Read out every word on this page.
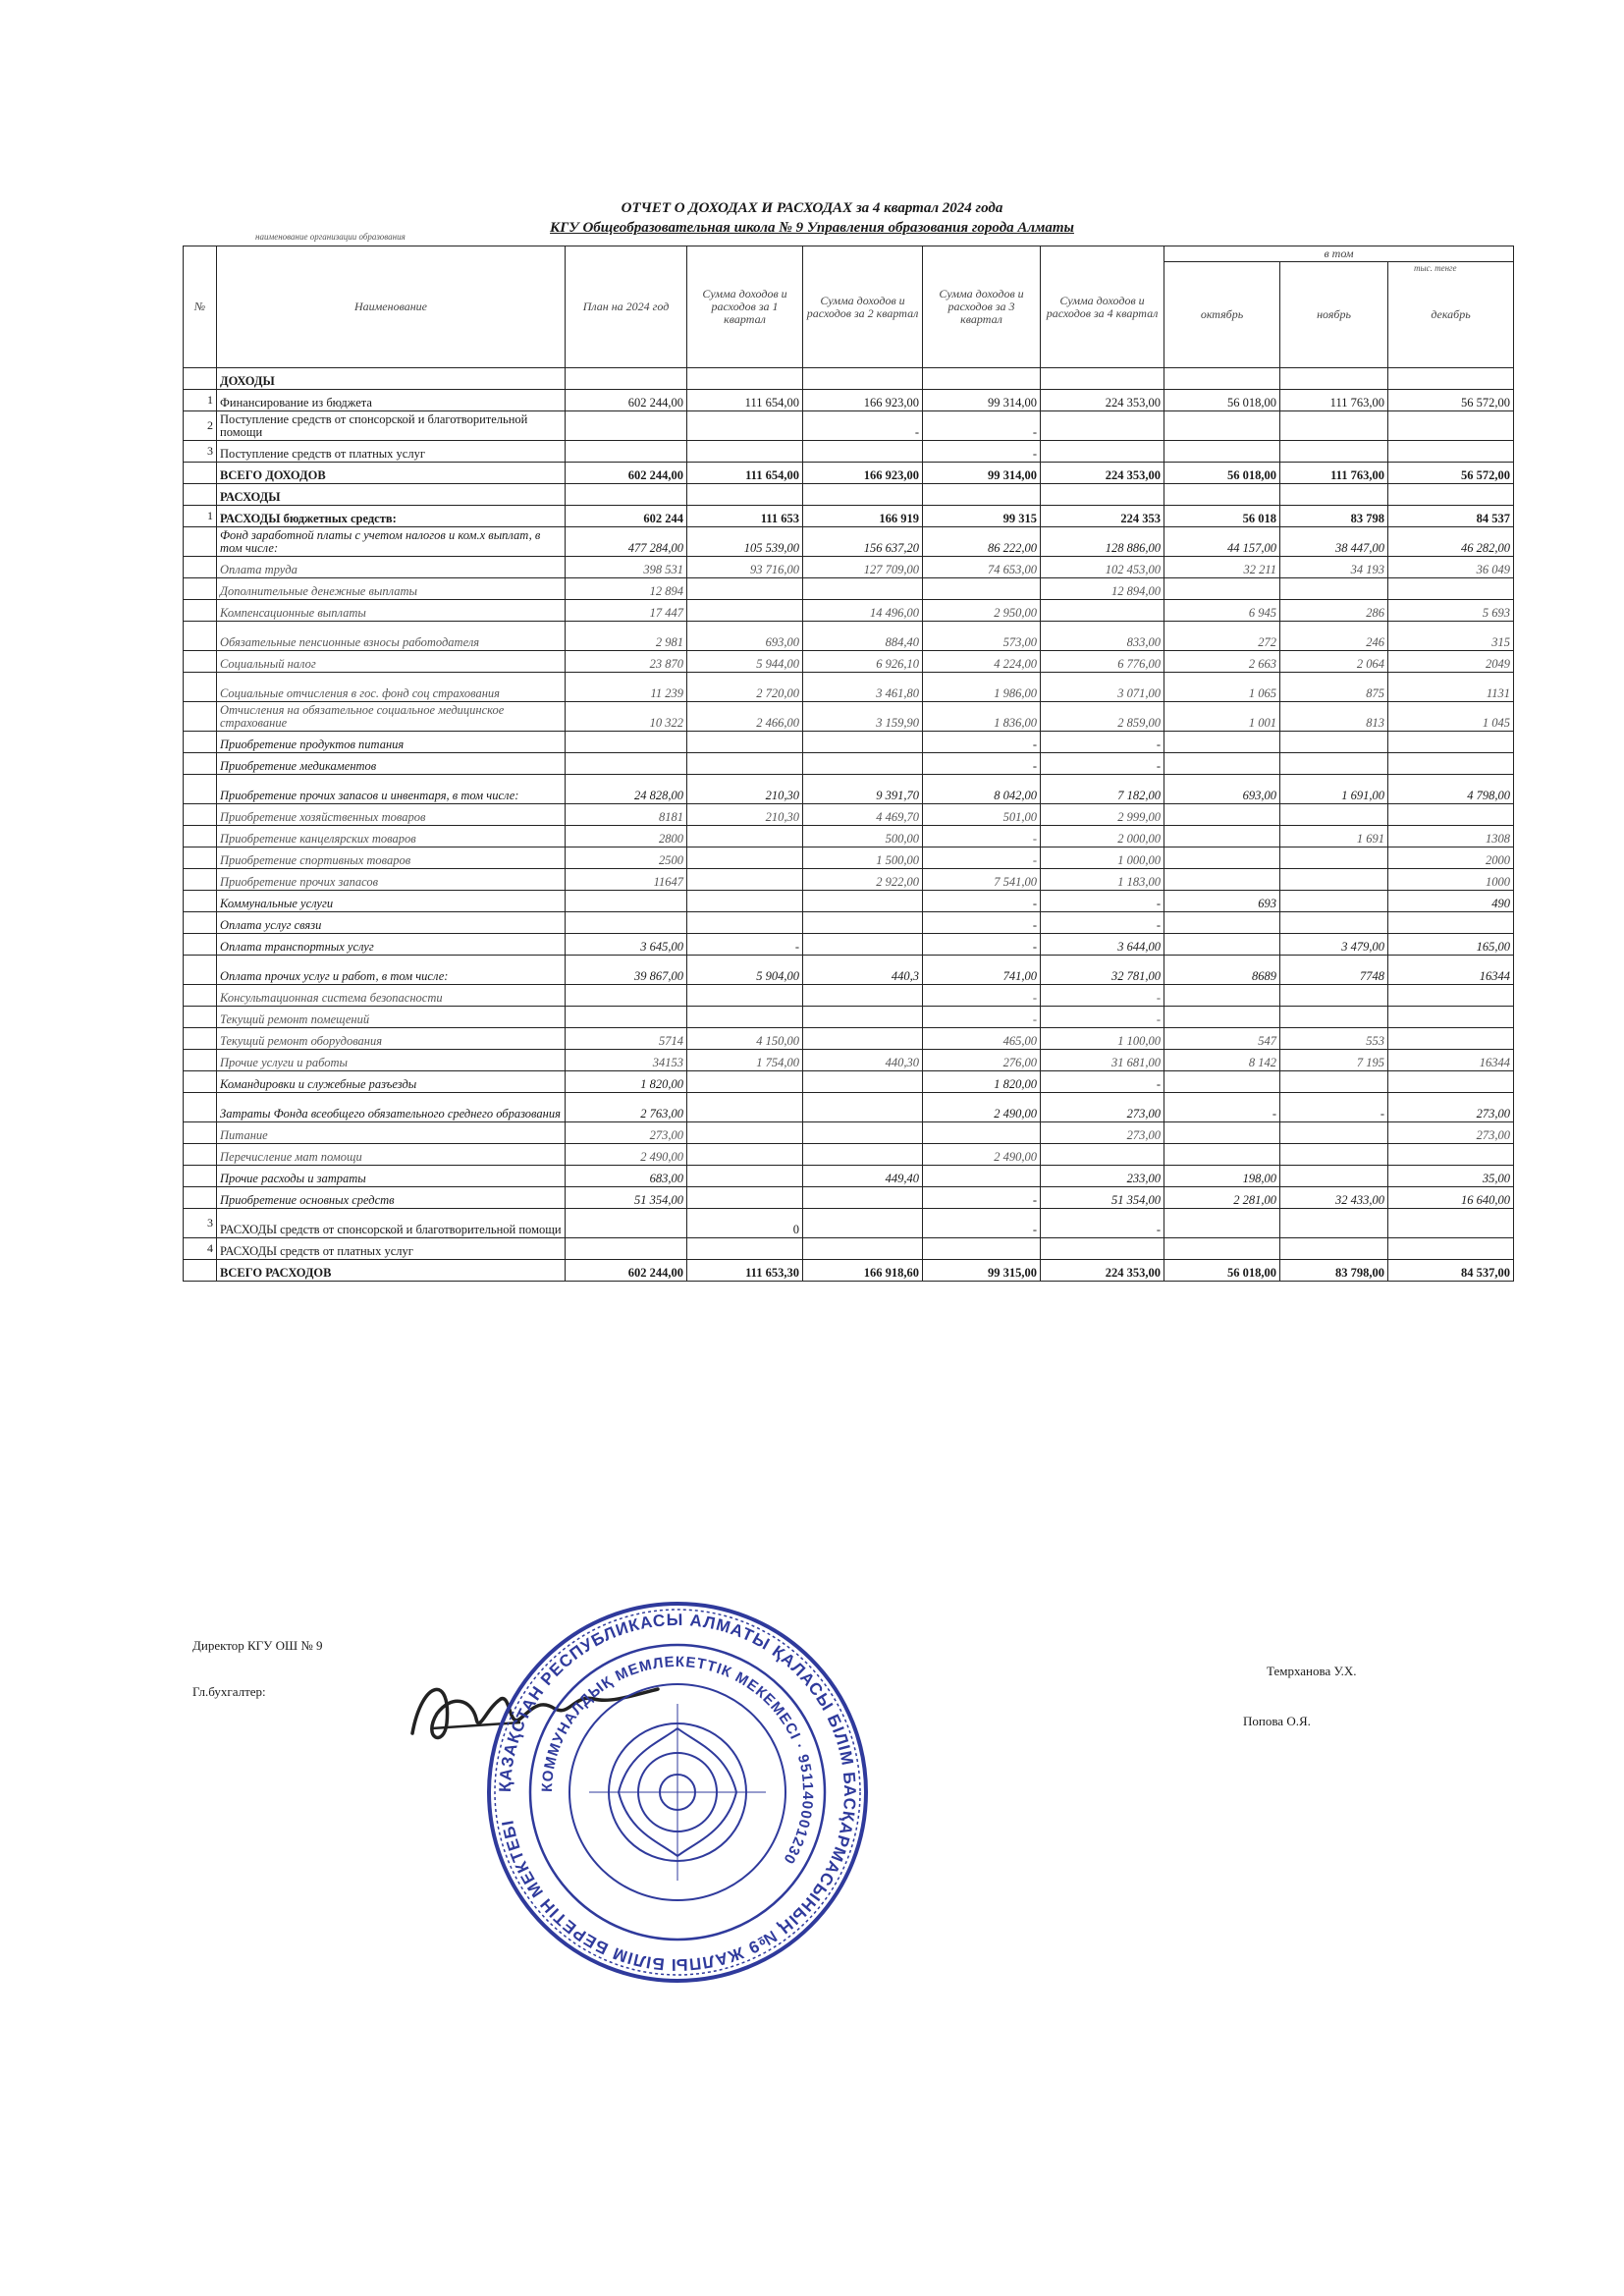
ОТЧЕТ О ДОХОДАХ И РАСХОДАХ за 4 квартал 2024 года
КГУ Общеобразовательная школа № 9 Управления образования города Алматы
наименование организации образования
тыс. тенге
№	Наименование	План на 2024 год	Сумма доходов и расходов за 1 квартал	Сумма доходов и расходов за 2 квартал	Сумма доходов и расходов за 3 квартал	Сумма доходов и расходов за 4 квартал	в том		
							октябрь	ноябрь	декабрь
	ДОХОДЫ								
1	Финансирование из бюджета	602 244,00	111 654,00	166 923,00	99 314,00	224 353,00	56 018,00	111 763,00	56 572,00
2	Поступление средств от спонсорской и благотворительной помощи			-	-				
3	Поступление средств от платных услуг				-				
	ВСЕГО ДОХОДОВ	602 244,00	111 654,00	166 923,00	99 314,00	224 353,00	56 018,00	111 763,00	56 572,00
	РАСХОДЫ								
1	РАСХОДЫ бюджетных средств:	602 244	111 653	166 919	99 315	224 353	56 018	83 798	84 537
	Фонд заработной платы с учетом налогов и ком.х выплат, в том числе:	477 284,00	105 539,00	156 637,20	86 222,00	128 886,00	44 157,00	38 447,00	46 282,00
	Оплата труда	398 531	93 716,00	127 709,00	74 653,00	102 453,00	32 211	34 193	36 049
	Дополнительные денежные выплаты	12 894				12 894,00			
	Компенсационные выплаты	17 447		14 496,00	2 950,00		6 945	286	5 693
	Обязательные пенсионные взносы работодателя	2 981	693,00	884,40	573,00	833,00	272	246	315
	Социальный налог	23 870	5 944,00	6 926,10	4 224,00	6 776,00	2 663	2 064	2049
	Социальные отчисления в гос. фонд соц страхования	11 239	2 720,00	3 461,80	1 986,00	3 071,00	1 065	875	1131
	Отчисления на обязательное социальное медицинское страхование	10 322	2 466,00	3 159,90	1 836,00	2 859,00	1 001	813	1 045
	Приобретение продуктов питания				-	-			
	Приобретение медикаментов				-	-			
	Приобретение прочих запасов и инвентаря, в том числе:	24 828,00	210,30	9 391,70	8 042,00	7 182,00	693,00	1 691,00	4 798,00
	Приобретение хозяйственных товаров	8181	210,30	4 469,70	501,00	2 999,00			
	Приобретение канцелярских товаров	2800		500,00	-	2 000,00		1 691	1308
	Приобретение спортивных товаров	2500		1 500,00	-	1 000,00			2000
	Приобретение прочих запасов	11647		2 922,00	7 541,00	1 183,00			1000
	Коммунальные услуги				-	-	693		490
	Оплата услуг связи				-	-			
	Оплата транспортных услуг	3 645,00	-		-	3 644,00		3 479,00	165,00
	Оплата прочих услуг и работ, в том числе:	39 867,00	5 904,00	440,3	741,00	32 781,00	8689	7748	16344
	Консультационная система безопасности				-	-			
	Текущий ремонт помещений				-	-			
	Текущий ремонт оборудования	5714	4 150,00		465,00	1 100,00	547	553	
	Прочие услуги и работы	34153	1 754,00	440,30	276,00	31 681,00	8 142	7 195	16344
	Командировки и служебные разъезды	1 820,00			1 820,00	-			
	Затраты Фонда всеобщего обязательного среднего образования	2 763,00			2 490,00	273,00	-	-	273,00
	Питание	273,00				273,00			273,00
	Перечисление мат помощи	2 490,00			2 490,00				
	Прочие расходы и затраты	683,00		449,40		233,00	198,00		35,00
	Приобретение основных средств	51 354,00			-	51 354,00	2 281,00	32 433,00	16 640,00
3	РАСХОДЫ средств от спонсорской и благотворительной помощи		0		-	-			
4	РАСХОДЫ средств от платных услуг								
	ВСЕГО РАСХОДОВ	602 244,00	111 653,30	166 918,60	99 315,00	224 353,00	56 018,00	83 798,00	84 537,00
Директор КГУ ОШ № 9
Темрханова У.Х.
Гл.бухгалтер:
Попова О.Я.
ҚАЗАҚСТАН РЕСПУБЛИКАСЫ АЛМАТЫ ҚАЛАСЫ БІЛІМ БАСҚАРМАСЫНЫҢ №9 ЖАЛПЫ БІЛІМ БЕРЕТІН МЕКТЕБІ
КОММУНАЛДЫҚ МЕМЛЕКЕТТІК МЕКЕМЕСІ · 951140001230
